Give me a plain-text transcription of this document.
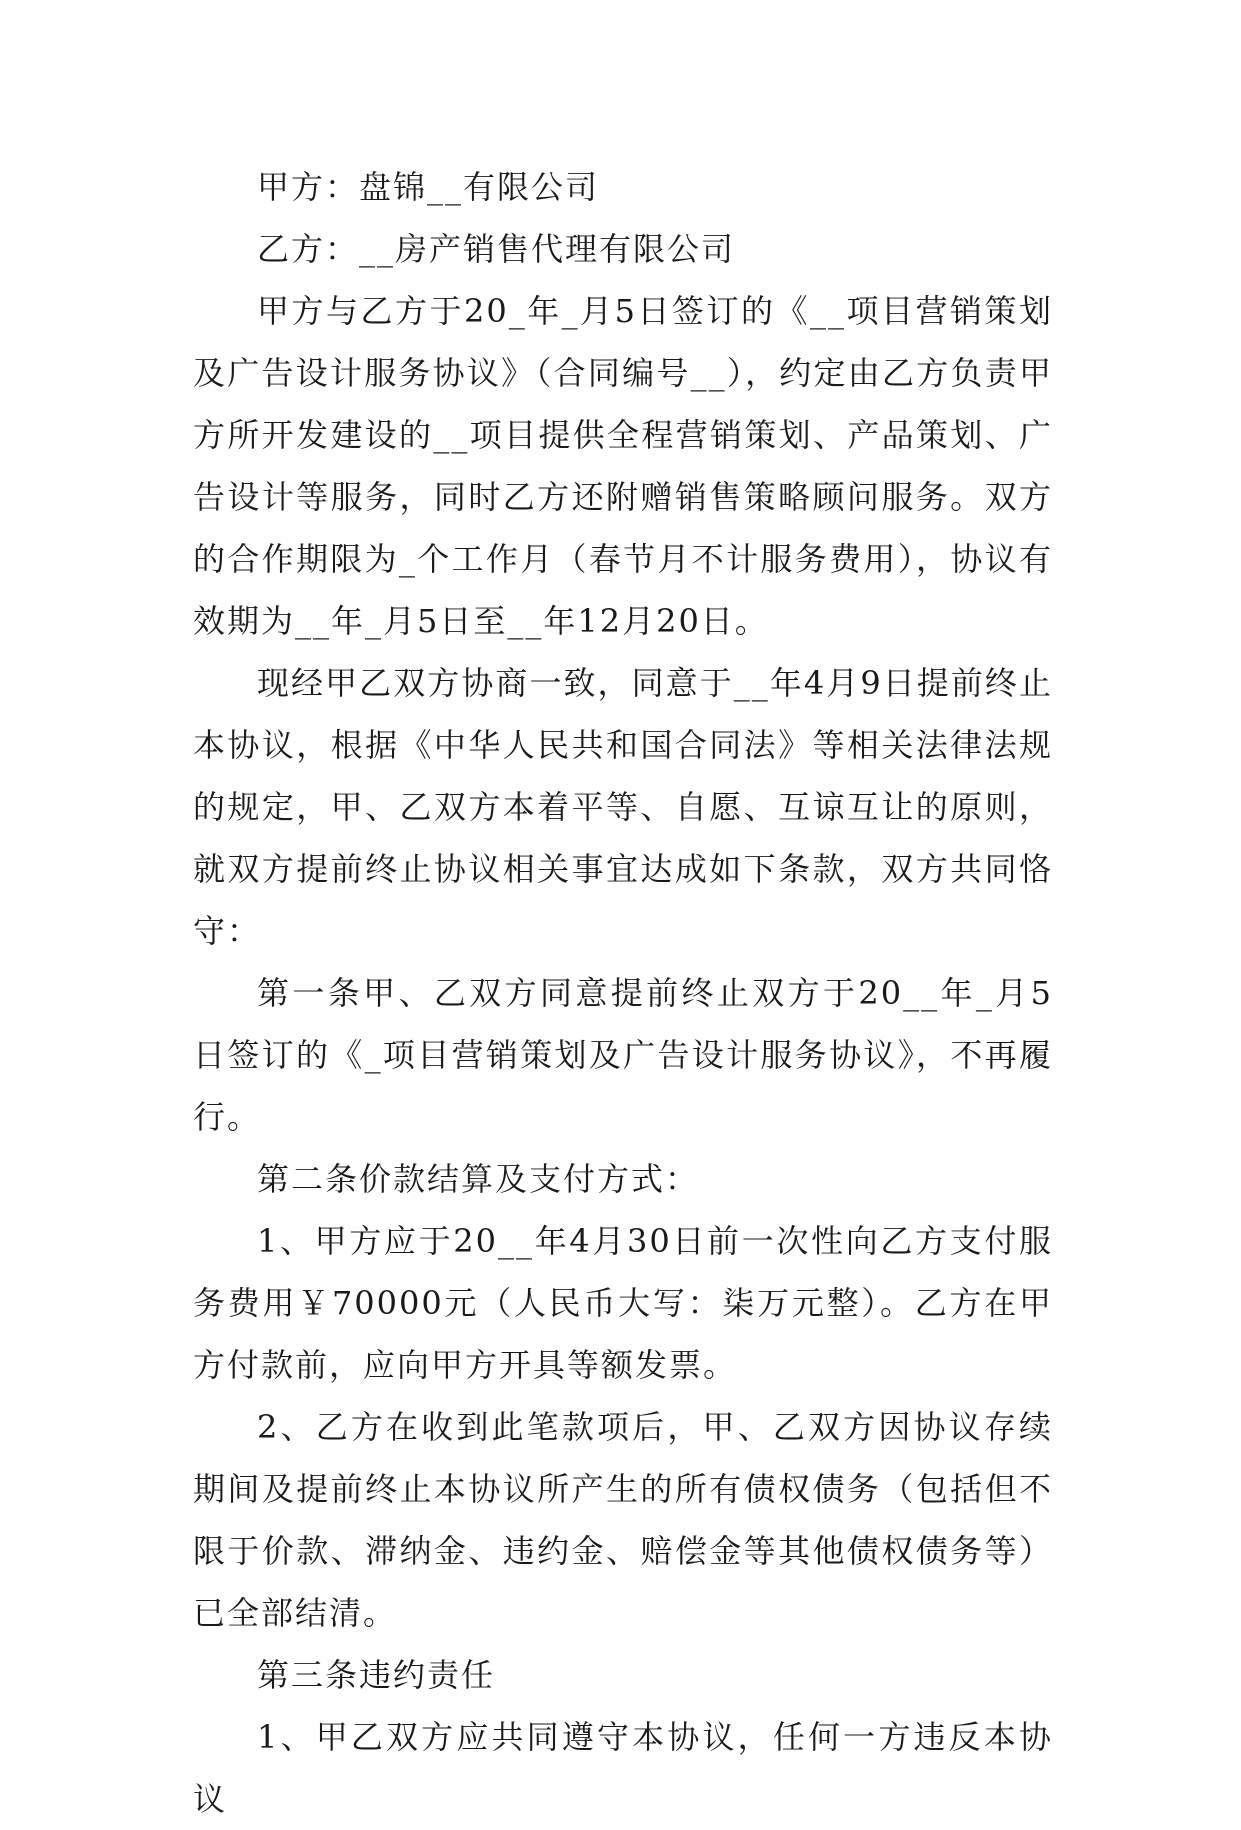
甲方：盘锦__有限公司

乙方：__房产销售代理有限公司

甲方与乙方于20_年_月5日签订的《__项目营销策划及广告设计服务协议》（合同编号__），约定由乙方负责甲方所开发建设的__项目提供全程营销策划、产品策划、广告设计等服务，同时乙方还附赠销售策略顾问服务。双方的合作期限为_个工作月（春节月不计服务费用），协议有效期为__年_月5日至__年12月20日。

现经甲乙双方协商一致，同意于__年4月9日提前终止本协议，根据《中华人民共和国合同法》等相关法律法规的规定，甲、乙双方本着平等、自愿、互谅互让的原则，就双方提前终止协议相关事宜达成如下条款，双方共同恪守：

第一条甲、乙双方同意提前终止双方于20__年_月5日签订的《_项目营销策划及广告设计服务协议》，不再履行。

第二条价款结算及支付方式：

1、甲方应于20__年4月30日前一次性向乙方支付服务费用￥70000元（人民币大写：柒万元整）。乙方在甲方付款前，应向甲方开具等额发票。

2、乙方在收到此笔款项后，甲、乙双方因协议存续期间及提前终止本协议所产生的所有债权债务（包括但不限于价款、滞纳金、违约金、赔偿金等其他债权债务等）已全部结清。

第三条违约责任

1、甲乙双方应共同遵守本协议，任何一方违反本协议
